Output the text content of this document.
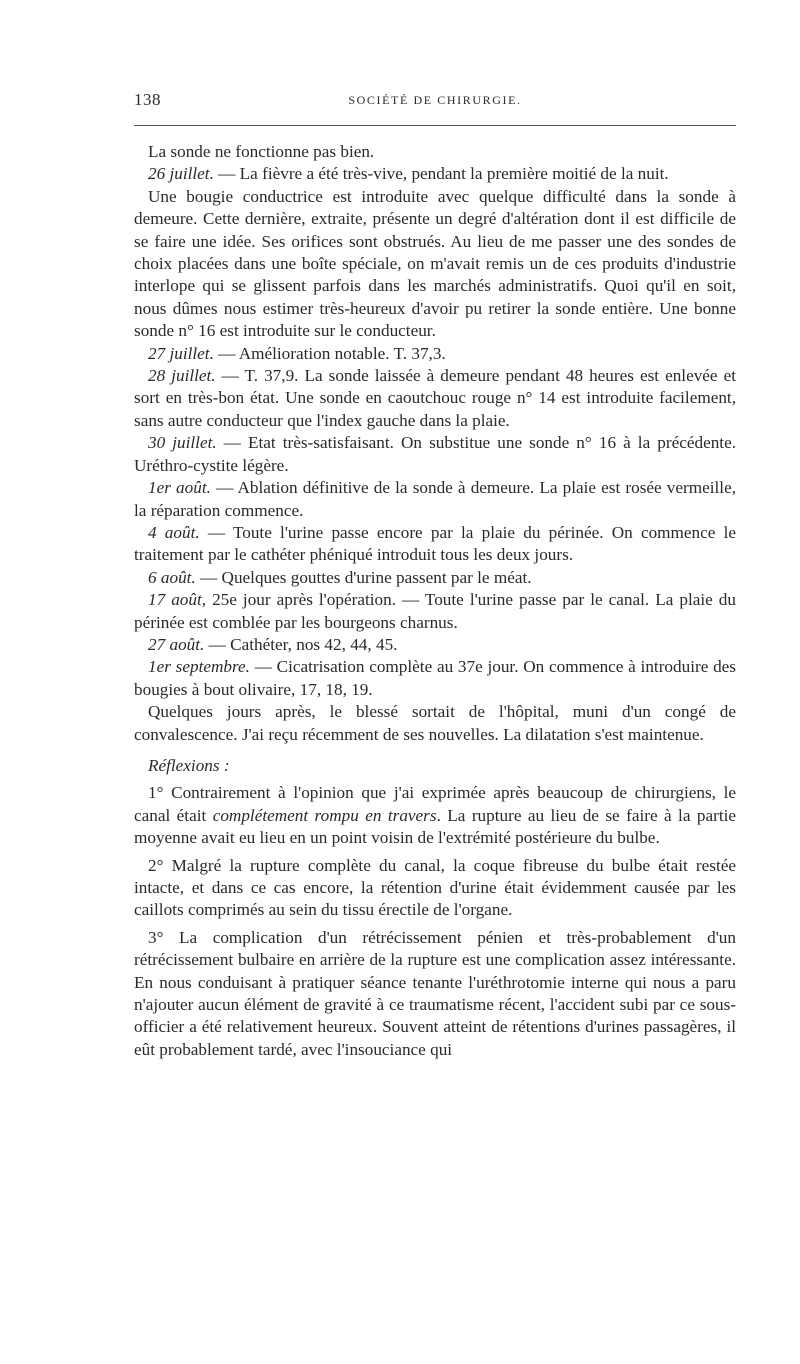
138	SOCIÉTÉ DE CHIRURGIE.

La sonde ne fonctionne pas bien.

26 juillet. — La fièvre a été très-vive, pendant la première moitié de la nuit.

Une bougie conductrice est introduite avec quelque difficulté dans la sonde à demeure. Cette dernière, extraite, présente un degré d'altération dont il est difficile de se faire une idée. Ses orifices sont obstrués. Au lieu de me passer une des sondes de choix placées dans une boîte spéciale, on m'avait remis un de ces produits d'industrie interlope qui se glissent parfois dans les marchés administratifs. Quoi qu'il en soit, nous dûmes nous estimer très-heureux d'avoir pu retirer la sonde entière. Une bonne sonde n° 16 est introduite sur le conducteur.

27 juillet. — Amélioration notable. T. 37,3.

28 juillet. — T. 37,9. La sonde laissée à demeure pendant 48 heures est enlevée et sort en très-bon état. Une sonde en caoutchouc rouge n° 14 est introduite facilement, sans autre conducteur que l'index gauche dans la plaie.

30 juillet. — Etat très-satisfaisant. On substitue une sonde n° 16 à la précédente. Uréthro-cystite légère.

1er août. — Ablation définitive de la sonde à demeure. La plaie est rosée vermeille, la réparation commence.

4 août. — Toute l'urine passe encore par la plaie du périnée. On commence le traitement par le cathéter phéniqué introduit tous les deux jours.

6 août. — Quelques gouttes d'urine passent par le méat.

17 août, 25e jour après l'opération. — Toute l'urine passe par le canal. La plaie du périnée est comblée par les bourgeons charnus.

27 août. — Cathéter, nos 42, 44, 45.

1er septembre. — Cicatrisation complète au 37e jour. On commence à introduire des bougies à bout olivaire, 17, 18, 19.

Quelques jours après, le blessé sortait de l'hôpital, muni d'un congé de convalescence. J'ai reçu récemment de ses nouvelles. La dilatation s'est maintenue.

Réflexions :

1° Contrairement à l'opinion que j'ai exprimée après beaucoup de chirurgiens, le canal était complétement rompu en travers. La rupture au lieu de se faire à la partie moyenne avait eu lieu en un point voisin de l'extrémité postérieure du bulbe.

2° Malgré la rupture complète du canal, la coque fibreuse du bulbe était restée intacte, et dans ce cas encore, la rétention d'urine était évidemment causée par les caillots comprimés au sein du tissu érectile de l'organe.

3° La complication d'un rétrécissement pénien et très-probablement d'un rétrécissement bulbaire en arrière de la rupture est une complication assez intéressante. En nous conduisant à pratiquer séance tenante l'uréthrotomie interne qui nous a paru n'ajouter aucun élément de gravité à ce traumatisme récent, l'accident subi par ce sous-officier a été relativement heureux. Souvent atteint de rétentions d'urines passagères, il eût probablement tardé, avec l'insouciance qui
